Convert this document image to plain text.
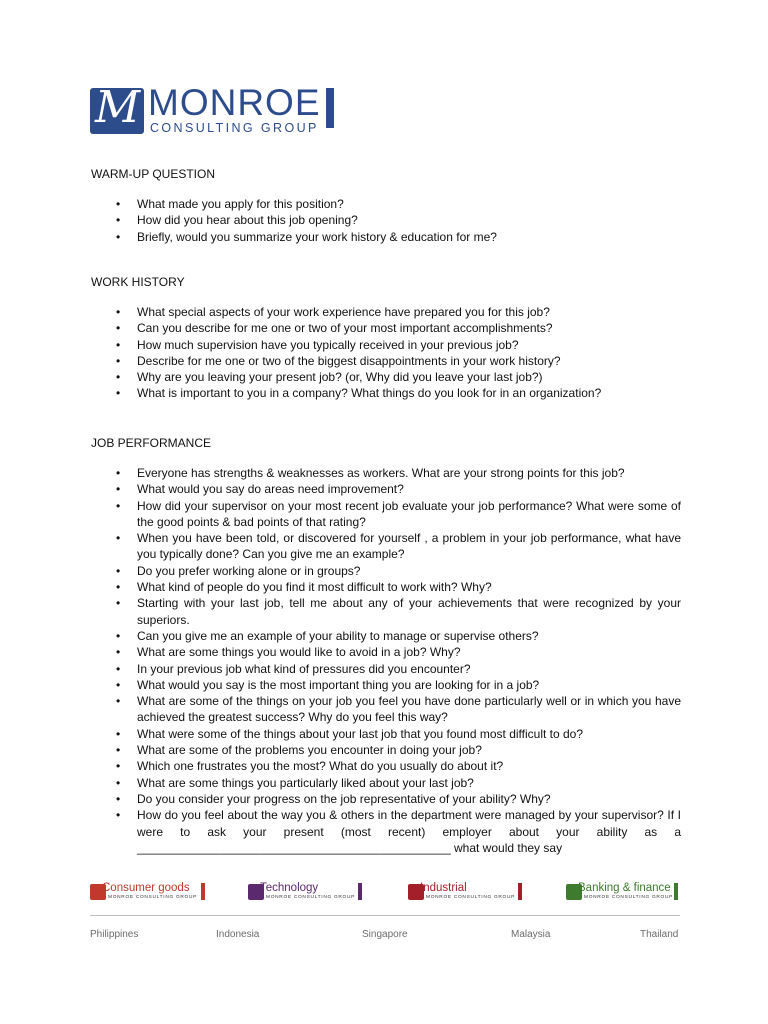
M MONROE
CONSULTING GROUP
WARM-UP QUESTION
• What made you apply for this position?
• How did you hear about this job opening?
• Briefly, would you summarize your work history & education for me?
WORK HISTORY
• What special aspects of your work experience have prepared you for this job?
• Can you describe for me one or two of your most important accomplishments?
• How much supervision have you typically received in your previous job?
• Describe for me one or two of the biggest disappointments in your work history?
• Why are you leaving your present job? (or, Why did you leave your last job?)
• What is important to you in a company? What things do you look for in an organization?
JOB PERFORMANCE
• Everyone has strengths & weaknesses as workers. What are your strong points for this job?
• What would you say do areas need improvement?
• How did your supervisor on your most recent job evaluate your job performance? What were some of the good points & bad points of that rating?
• When you have been told, or discovered for yourself , a problem in your job performance, what have you typically done? Can you give me an example?
• Do you prefer working alone or in groups?
• What kind of people do you find it most difficult to work with? Why?
• Starting with your last job, tell me about any of your achievements that were recognized by your superiors.
• Can you give me an example of your ability to manage or supervise others?
• What are some things you would like to avoid in a job? Why?
• In your previous job what kind of pressures did you encounter?
• What would you say is the most important thing you are looking for in a job?
• What are some of the things on your job you feel you have done particularly well or in which you have achieved the greatest success? Why do you feel this way?
• What were some of the things about your last job that you found most difficult to do?
• What are some of the problems you encounter in doing your job?
• Which one frustrates you the most? What do you usually do about it?
• What are some things you particularly liked about your last job?
• Do you consider your progress on the job representative of your ability? Why?
• How do you feel about the way you & others in the department were managed by your supervisor? If I were to ask your present (most recent) employer about your ability as a _______________________________________________ what would they say
Consumer goods
MONROE CONSULTING GROUP
Technology
MONROE CONSULTING GROUP
Industrial
MONROE CONSULTING GROUP
Banking & finance
MONROE CONSULTING GROUP
Philippines	Indonesia	Singapore	Malaysia	Thailand
